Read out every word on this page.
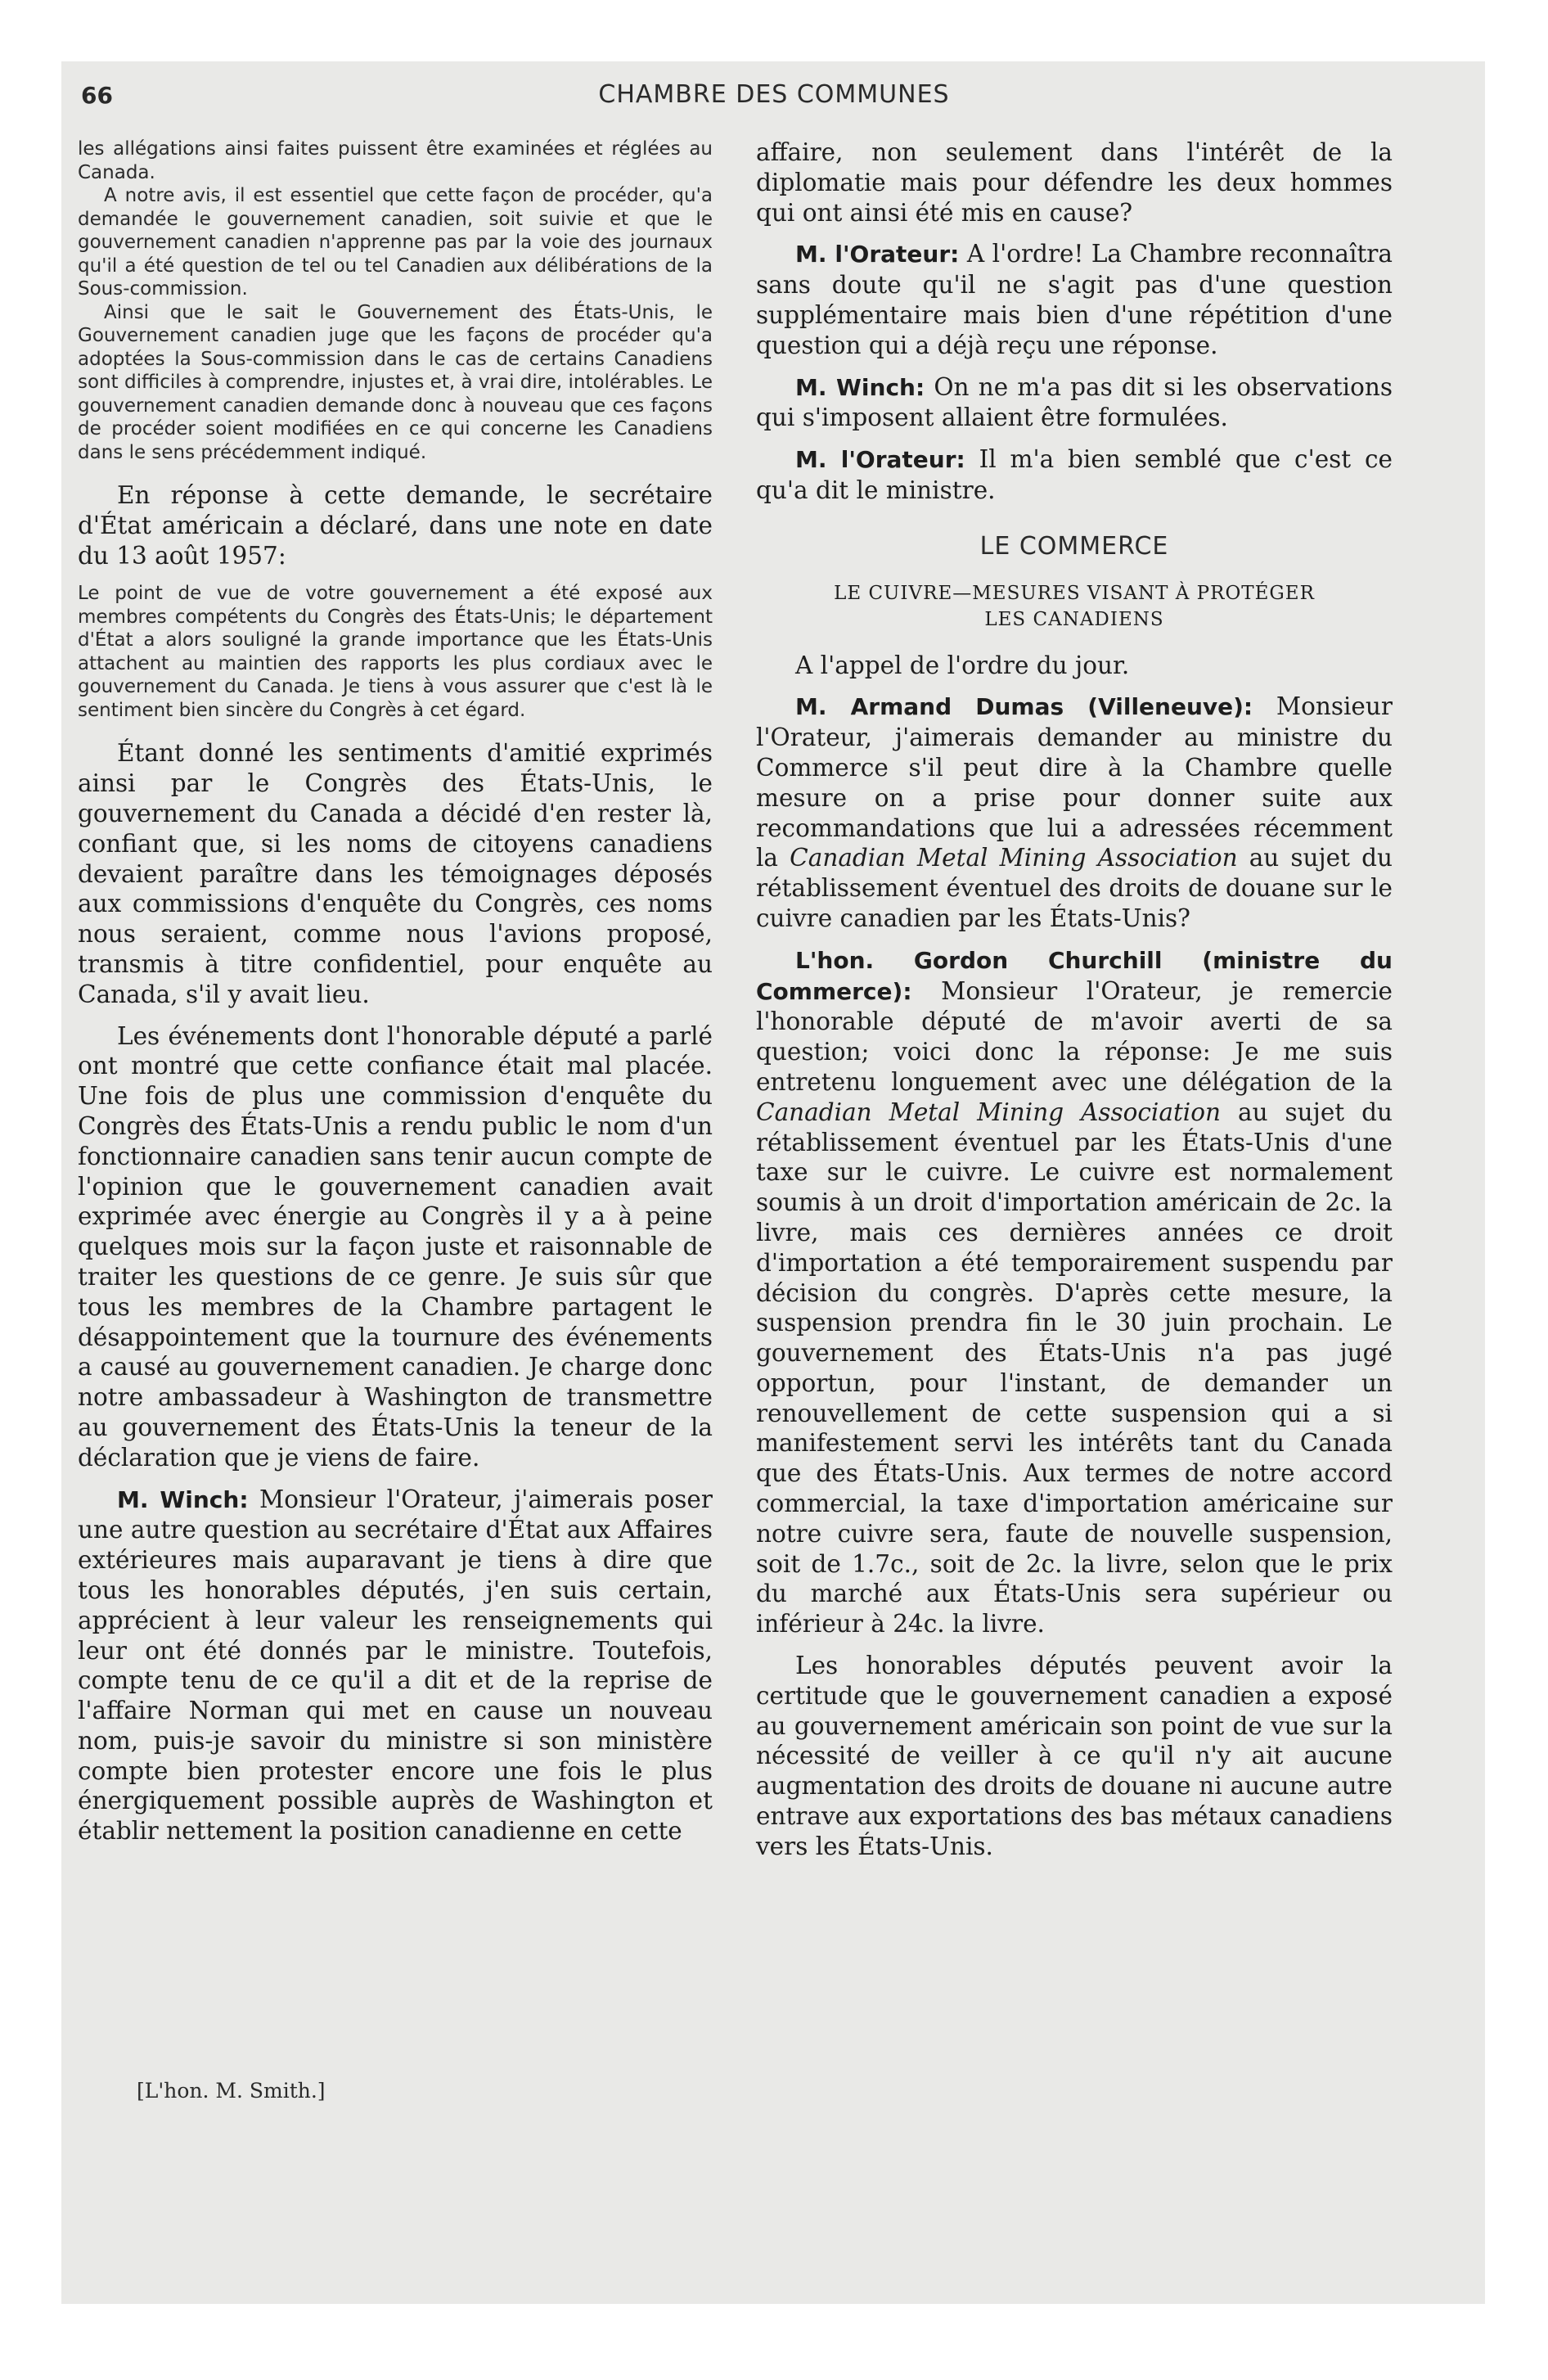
66	CHAMBRE DES COMMUNES

les allégations ainsi faites puissent être examinées et réglées au Canada.

A notre avis, il est essentiel que cette façon de procéder, qu'a demandée le gouvernement canadien, soit suivie et que le gouvernement canadien n'apprenne pas par la voie des journaux qu'il a été question de tel ou tel Canadien aux délibérations de la Sous-commission.

Ainsi que le sait le Gouvernement des États-Unis, le Gouvernement canadien juge que les façons de procéder qu'a adoptées la Sous-commission dans le cas de certains Canadiens sont difficiles à comprendre, injustes et, à vrai dire, intolérables. Le gouvernement canadien demande donc à nouveau que ces façons de procéder soient modifiées en ce qui concerne les Canadiens dans le sens précédemment indiqué.

En réponse à cette demande, le secrétaire d'État américain a déclaré, dans une note en date du 13 août 1957:

Le point de vue de votre gouvernement a été exposé aux membres compétents du Congrès des États-Unis; le département d'État a alors souligné la grande importance que les États-Unis attachent au maintien des rapports les plus cordiaux avec le gouvernement du Canada. Je tiens à vous assurer que c'est là le sentiment bien sincère du Congrès à cet égard.

Étant donné les sentiments d'amitié exprimés ainsi par le Congrès des États-Unis, le gouvernement du Canada a décidé d'en rester là, confiant que, si les noms de citoyens canadiens devaient paraître dans les témoignages déposés aux commissions d'enquête du Congrès, ces noms nous seraient, comme nous l'avions proposé, transmis à titre confidentiel, pour enquête au Canada, s'il y avait lieu.

Les événements dont l'honorable député a parlé ont montré que cette confiance était mal placée. Une fois de plus une commission d'enquête du Congrès des États-Unis a rendu public le nom d'un fonctionnaire canadien sans tenir aucun compte de l'opinion que le gouvernement canadien avait exprimée avec énergie au Congrès il y a à peine quelques mois sur la façon juste et raisonnable de traiter les questions de ce genre. Je suis sûr que tous les membres de la Chambre partagent le désappointement que la tournure des événements a causé au gouvernement canadien. Je charge donc notre ambassadeur à Washington de transmettre au gouvernement des États-Unis la teneur de la déclaration que je viens de faire.

M. Winch: Monsieur l'Orateur, j'aimerais poser une autre question au secrétaire d'État aux Affaires extérieures mais auparavant je tiens à dire que tous les honorables députés, j'en suis certain, apprécient à leur valeur les renseignements qui leur ont été donnés par le ministre. Toutefois, compte tenu de ce qu'il a dit et de la reprise de l'affaire Norman qui met en cause un nouveau nom, puis-je savoir du ministre si son ministère compte bien protester encore une fois le plus énergiquement possible auprès de Washington et établir nettement la position canadienne en cette

affaire, non seulement dans l'intérêt de la diplomatie mais pour défendre les deux hommes qui ont ainsi été mis en cause?

M. l'Orateur: A l'ordre! La Chambre reconnaîtra sans doute qu'il ne s'agit pas d'une question supplémentaire mais bien d'une répétition d'une question qui a déjà reçu une réponse.

M. Winch: On ne m'a pas dit si les observations qui s'imposent allaient être formulées.

M. l'Orateur: Il m'a bien semblé que c'est ce qu'a dit le ministre.

LE COMMERCE
LE CUIVRE—MESURES VISANT À PROTÉGER
LES CANADIENS

A l'appel de l'ordre du jour.

M. Armand Dumas (Villeneuve): Monsieur l'Orateur, j'aimerais demander au ministre du Commerce s'il peut dire à la Chambre quelle mesure on a prise pour donner suite aux recommandations que lui a adressées récemment la Canadian Metal Mining Association au sujet du rétablissement éventuel des droits de douane sur le cuivre canadien par les États-Unis?

L'hon. Gordon Churchill (ministre du Commerce): Monsieur l'Orateur, je remercie l'honorable député de m'avoir averti de sa question; voici donc la réponse: Je me suis entretenu longuement avec une délégation de la Canadian Metal Mining Association au sujet du rétablissement éventuel par les États-Unis d'une taxe sur le cuivre. Le cuivre est normalement soumis à un droit d'importation américain de 2c. la livre, mais ces dernières années ce droit d'importation a été temporairement suspendu par décision du congrès. D'après cette mesure, la suspension prendra fin le 30 juin prochain. Le gouvernement des États-Unis n'a pas jugé opportun, pour l'instant, de demander un renouvellement de cette suspension qui a si manifestement servi les intérêts tant du Canada que des États-Unis. Aux termes de notre accord commercial, la taxe d'importation américaine sur notre cuivre sera, faute de nouvelle suspension, soit de 1.7c., soit de 2c. la livre, selon que le prix du marché aux États-Unis sera supérieur ou inférieur à 24c. la livre.

Les honorables députés peuvent avoir la certitude que le gouvernement canadien a exposé au gouvernement américain son point de vue sur la nécessité de veiller à ce qu'il n'y ait aucune augmentation des droits de douane ni aucune autre entrave aux exportations des bas métaux canadiens vers les États-Unis.

[L'hon. M. Smith.]
